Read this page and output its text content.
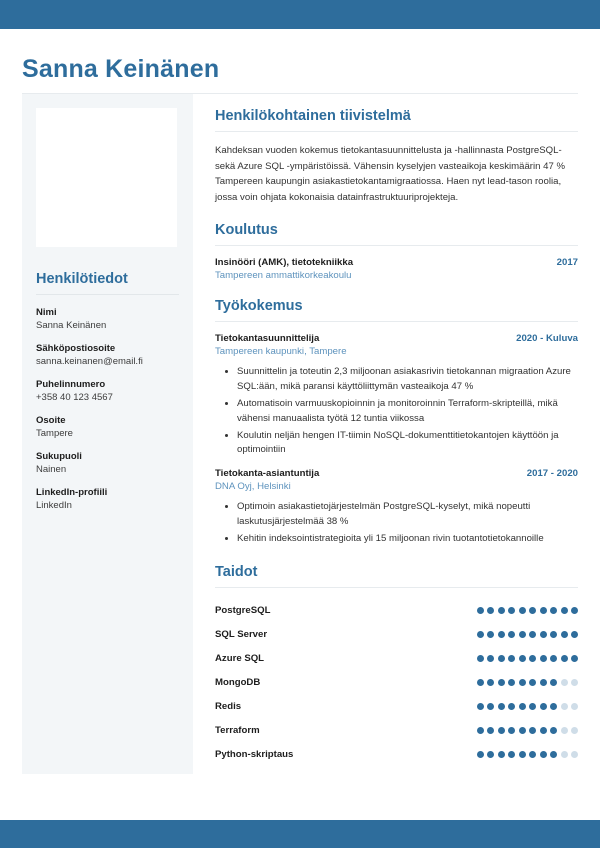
Sanna Keinänen
Henkilötiedot
Nimi
Sanna Keinänen
Sähköpostiosoite
sanna.keinanen@email.fi
Puhelinnumero
+358 40 123 4567
Osoite
Tampere
Sukupuoli
Nainen
LinkedIn-profiili
LinkedIn
Henkilökohtainen tiivistelmä
Kahdeksan vuoden kokemus tietokantasuunnittelusta ja -hallinnasta PostgreSQL- sekä Azure SQL -ympäristöissä. Vähensin kyselyjen vasteaikoja keskimäärin 47 % Tampereen kaupungin asiakastietokantamigraatiossa. Haen nyt lead-tason roolia, jossa voin ohjata kokonaisia datainfrastruktuuriprojekteja.
Koulutus
Insinööri (AMK), tietotekniikka	2017
Tampereen ammattikorkeakoulu
Työkokemus
Tietokantasuunnittelija	2020 - Kuluva
Tampereen kaupunki, Tampere
• Suunnittelin ja toteutin 2,3 miljoonan asiakasrivin tietokannan migraation Azure SQL:ään, mikä paransi käyttöliittymän vasteaikoja 47 %
• Automatisoin varmuuskopioinnin ja monitoroinnin Terraform-skripteillä, mikä vähensi manuaalista työtä 12 tuntia viikossa
• Koulutin neljän hengen IT-tiimin NoSQL-dokumenttitietokantojen käyttöön ja optimointiin
Tietokanta-asiantuntija	2017 - 2020
DNA Oyj, Helsinki
• Optimoin asiakastietojärjestelmän PostgreSQL-kyselyt, mikä nopeutti laskutusjärjestelmää 38 %
• Kehitin indeksointistrategioita yli 15 miljoonan rivin tuotantotietokannoille
Taidot
PostgreSQL
SQL Server
Azure SQL
MongoDB
Redis
Terraform
Python-skriptaus
